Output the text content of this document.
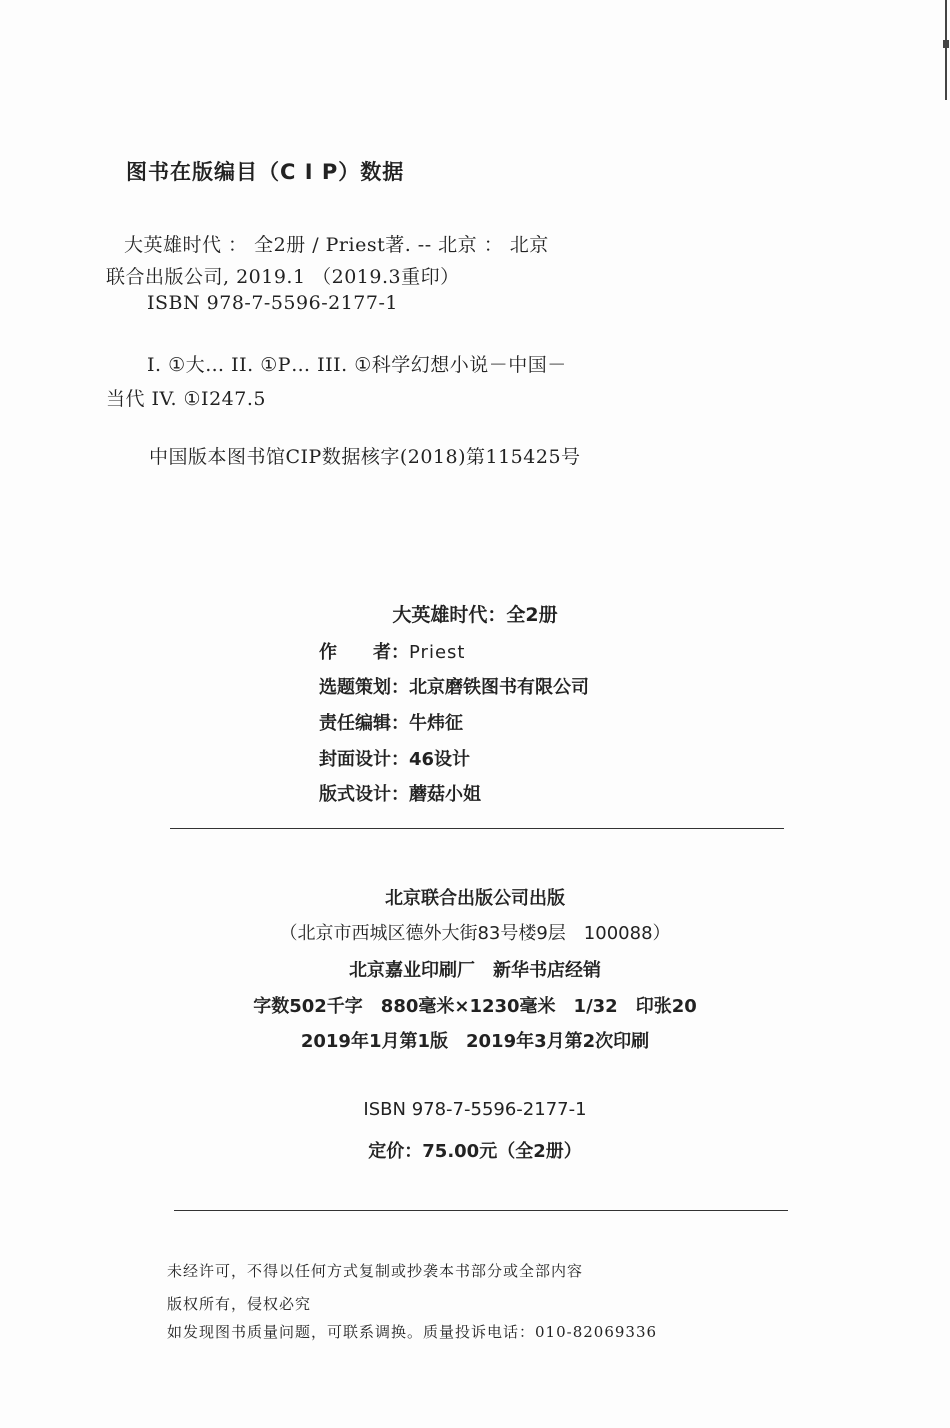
图书在版编目（C I P）数据
大英雄时代 ： 全2册 / Priest著. -- 北京 ： 北京
联合出版公司, 2019.1 （2019.3重印）
ISBN 978-7-5596-2177-1
I. ①大… II. ①P… III. ①科学幻想小说－中国－
当代 IV. ①I247.5
中国版本图书馆CIP数据核字(2018)第115425号
大英雄时代：全2册
作　　者：Priest
选题策划：北京磨铁图书有限公司
责任编辑：牛炜征
封面设计：46设计
版式设计：蘑菇小姐
北京联合出版公司出版
（北京市西城区德外大街83号楼9层　100088）
北京嘉业印刷厂　新华书店经销
字数502千字　880毫米×1230毫米　1/32　印张20
2019年1月第1版　2019年3月第2次印刷
ISBN 978-7-5596-2177-1
定价：75.00元（全2册）
未经许可，不得以任何方式复制或抄袭本书部分或全部内容
版权所有，侵权必究
如发现图书质量问题，可联系调换。质量投诉电话：010-82069336
